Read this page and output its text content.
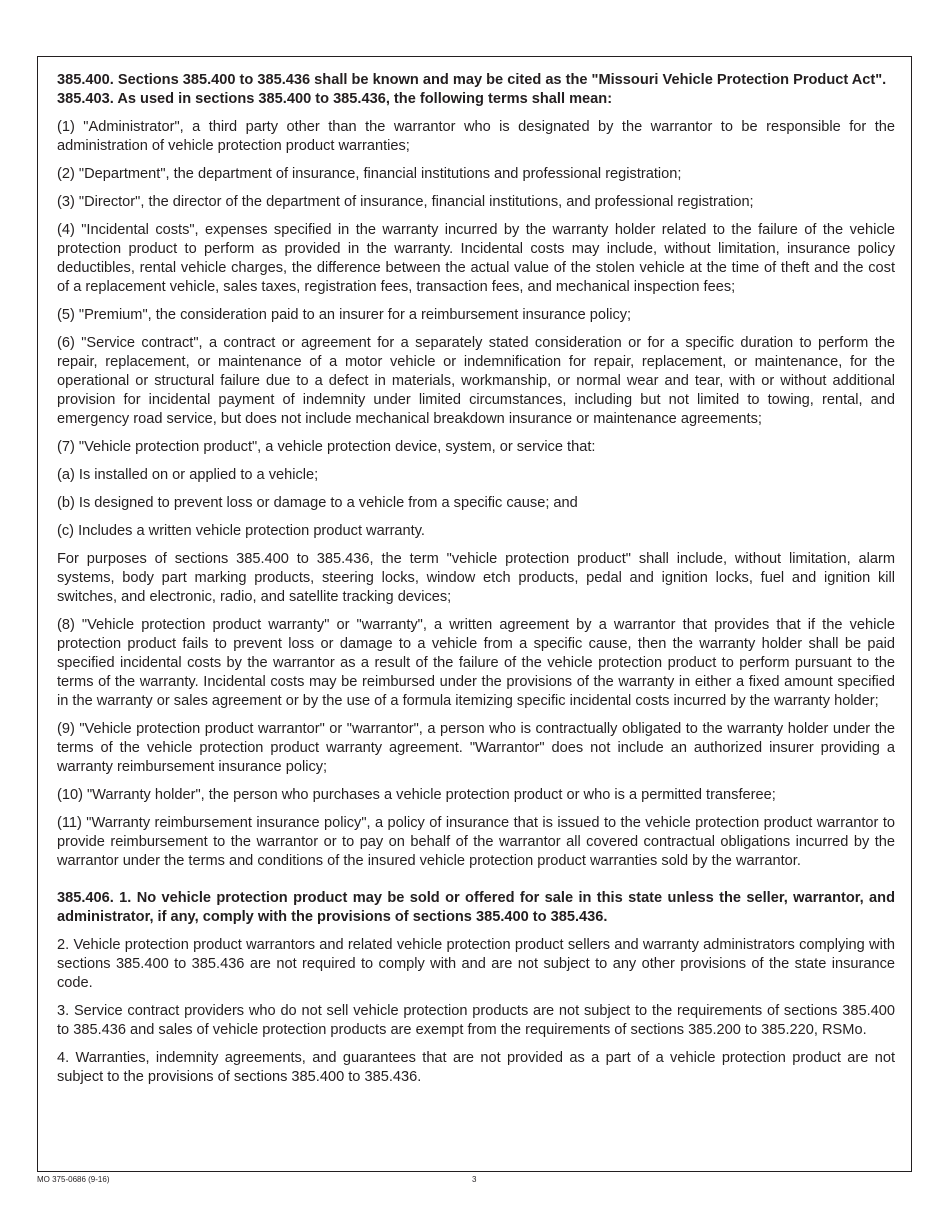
385.400. Sections 385.400 to 385.436 shall be known and may be cited as the "Missouri Vehicle Protection Product Act".

385.403. As used in sections 385.400 to 385.436, the following terms shall mean:

(1) "Administrator", a third party other than the warrantor who is designated by the warrantor to be responsible for the administration of vehicle protection product warranties;

(2) "Department", the department of insurance, financial institutions and professional registration;

(3) "Director", the director of the department of insurance, financial institutions, and professional registration;

(4) "Incidental costs", expenses specified in the warranty incurred by the warranty holder related to the failure of the vehicle protection product to perform as provided in the warranty. Incidental costs may include, without limitation, insurance policy deductibles, rental vehicle charges, the difference between the actual value of the stolen vehicle at the time of theft and the cost of a replacement vehicle, sales taxes, registration fees, transaction fees, and mechanical inspection fees;

(5) "Premium", the consideration paid to an insurer for a reimbursement insurance policy;

(6) "Service contract", a contract or agreement for a separately stated consideration or for a specific duration to perform the repair, replacement, or maintenance of a motor vehicle or indemnification for repair, replacement, or maintenance, for the operational or structural failure due to a defect in materials, workmanship, or normal wear and tear, with or without additional provision for incidental payment of indemnity under limited circumstances, including but not limited to towing, rental, and emergency road service, but does not include mechanical breakdown insurance or maintenance agreements;

(7) "Vehicle protection product", a vehicle protection device, system, or service that:

(a) Is installed on or applied to a vehicle;

(b) Is designed to prevent loss or damage to a vehicle from a specific cause; and

(c) Includes a written vehicle protection product warranty.

For purposes of sections 385.400 to 385.436, the term "vehicle protection product" shall include, without limitation, alarm systems, body part marking products, steering locks, window etch products, pedal and ignition locks, fuel and ignition kill switches, and electronic, radio, and satellite tracking devices;

(8) "Vehicle protection product warranty" or "warranty", a written agreement by a warrantor that provides that if the vehicle protection product fails to prevent loss or damage to a vehicle from a specific cause, then the warranty holder shall be paid specified incidental costs by the warrantor as a result of the failure of the vehicle protection product to perform pursuant to the terms of the warranty. Incidental costs may be reimbursed under the provisions of the warranty in either a fixed amount specified in the warranty or sales agreement or by the use of a formula itemizing specific incidental costs incurred by the warranty holder;

(9) "Vehicle protection product warrantor" or "warrantor", a person who is contractually obligated to the warranty holder under the terms of the vehicle protection product warranty agreement. "Warrantor" does not include an authorized insurer providing a warranty reimbursement insurance policy;

(10) "Warranty holder", the person who purchases a vehicle protection product or who is a permitted transferee;

(11) "Warranty reimbursement insurance policy", a policy of insurance that is issued to the vehicle protection product warrantor to provide reimbursement to the warrantor or to pay on behalf of the warrantor all covered contractual obligations incurred by the warrantor under the terms and conditions of the insured vehicle protection product warranties sold by the warrantor.

385.406. 1. No vehicle protection product may be sold or offered for sale in this state unless the seller, warrantor, and administrator, if any, comply with the provisions of sections 385.400 to 385.436.

2. Vehicle protection product warrantors and related vehicle protection product sellers and warranty administrators complying with sections 385.400 to 385.436 are not required to comply with and are not subject to any other provisions of the state insurance code.

3. Service contract providers who do not sell vehicle protection products are not subject to the requirements of sections 385.400 to 385.436 and sales of vehicle protection products are exempt from the requirements of sections 385.200 to 385.220, RSMo.

4. Warranties, indemnity agreements, and guarantees that are not provided as a part of a vehicle protection product are not subject to the provisions of sections 385.400 to 385.436.

MO 375-0686 (9-16)	3
